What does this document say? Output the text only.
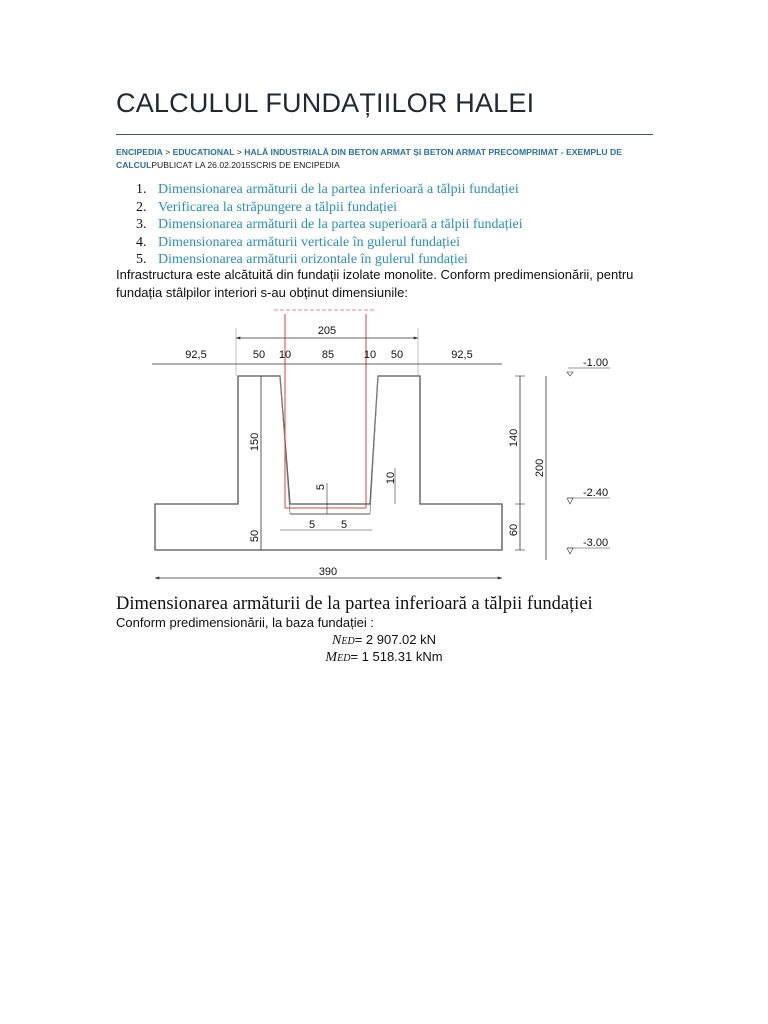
CALCULUL FUNDAȚIILOR HALEI
ENCIPEDIA > EDUCATIONAL > HALĂ INDUSTRIALĂ DIN BETON ARMAT ȘI BETON ARMAT PRECOMPRIMAT - EXEMPLU DE CALCULPUBLICAT LA 26.02.2015SCRIS DE ENCIPEDIA
1. Dimensionarea armăturii de la partea inferioară a tălpii fundației
2. Verificarea la străpungere a tălpii fundației
3. Dimensionarea armăturii de la partea superioară a tălpii fundației
4. Dimensionarea armăturii verticale în gulerul fundației
5. Dimensionarea armăturii orizontale în gulerul fundației
Infrastructura este alcătuită din fundații izolate monolite. Conform predimensionării, pentru fundația stâlpilor interiori s-au obținut dimensiunile:
205
92,5	50 10	85	10 50	92,5
150
50
5
10
5 5
390
140
60
200
-1.00
-2.40
-3.00
Dimensionarea armăturii de la partea inferioară a tălpii fundației
Conform predimensionării, la baza fundației :
NED= 2 907.02 kN
MED= 1 518.31 kNm
